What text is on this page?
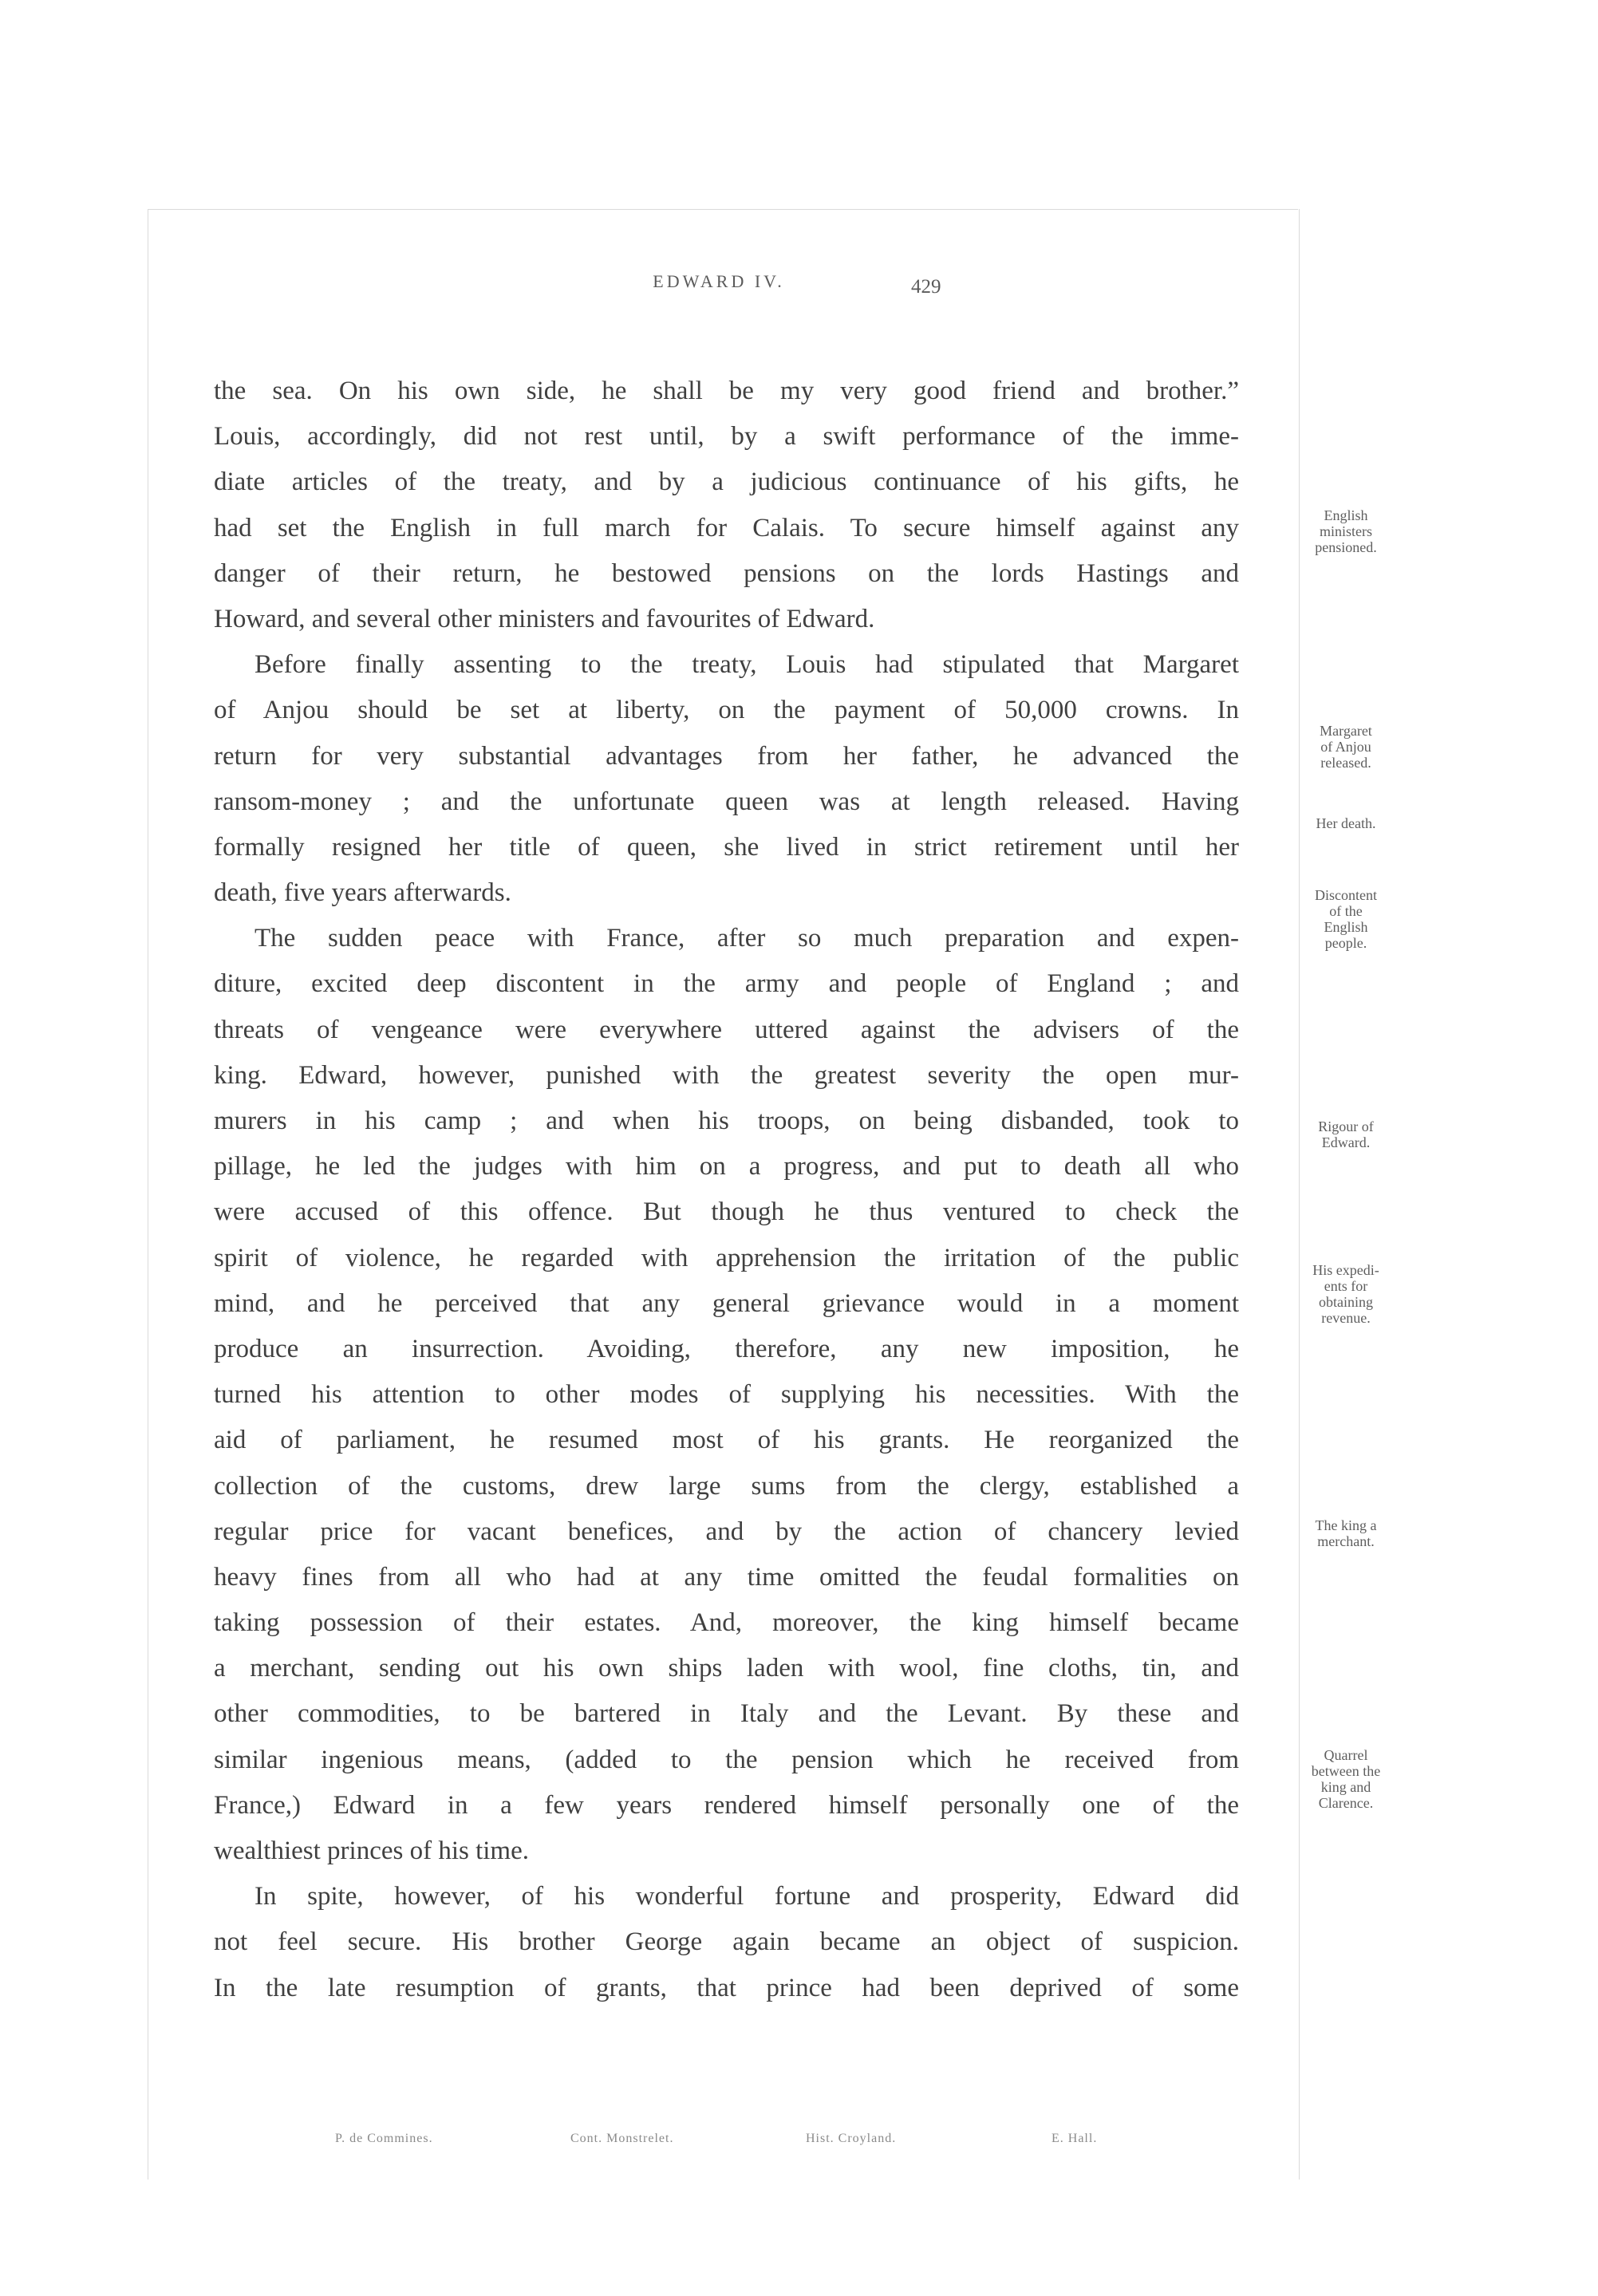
EDWARD IV.	429
the sea. On his own side, he shall be my very good friend and brother.”
Louis, accordingly, did not rest until, by a swift performance of the imme-
diate articles of the treaty, and by a judicious continuance of his gifts, he
had set the English in full march for Calais. To secure himself against any
danger of their return, he bestowed pensions on the lords Hastings and
Howard, and several other ministers and favourites of Edward.
Before finally assenting to the treaty, Louis had stipulated that Margaret
of Anjou should be set at liberty, on the payment of 50,000 crowns. In
return for very substantial advantages from her father, he advanced the
ransom-money ; and the unfortunate queen was at length released. Having
formally resigned her title of queen, she lived in strict retirement until her
death, five years afterwards.
The sudden peace with France, after so much preparation and expen-
diture, excited deep discontent in the army and people of England ; and
threats of vengeance were everywhere uttered against the advisers of the
king. Edward, however, punished with the greatest severity the open mur-
murers in his camp ; and when his troops, on being disbanded, took to
pillage, he led the judges with him on a progress, and put to death all who
were accused of this offence. But though he thus ventured to check the
spirit of violence, he regarded with apprehension the irritation of the public
mind, and he perceived that any general grievance would in a moment
produce an insurrection. Avoiding, therefore, any new imposition, he
turned his attention to other modes of supplying his necessities. With the
aid of parliament, he resumed most of his grants. He reorganized the
collection of the customs, drew large sums from the clergy, established a
regular price for vacant benefices, and by the action of chancery levied
heavy fines from all who had at any time omitted the feudal formalities on
taking possession of their estates. And, moreover, the king himself became
a merchant, sending out his own ships laden with wool, fine cloths, tin, and
other commodities, to be bartered in Italy and the Levant. By these and
similar ingenious means, (added to the pension which he received from
France,) Edward in a few years rendered himself personally one of the
wealthiest princes of his time.
In spite, however, of his wonderful fortune and prosperity, Edward did
not feel secure. His brother George again became an object of suspicion.
In the late resumption of grants, that prince had been deprived of some
English
ministers
pensioned.
Margaret
of Anjou
released.
Her death.
Discontent
of the
English
people.
Rigour of
Edward.
His expedi-
ents for
obtaining
revenue.
The king a
merchant.
Quarrel
between the
king and
Clarence.
P. de Commines.	Cont. Monstrelet.	Hist. Croyland.	E. Hall.
